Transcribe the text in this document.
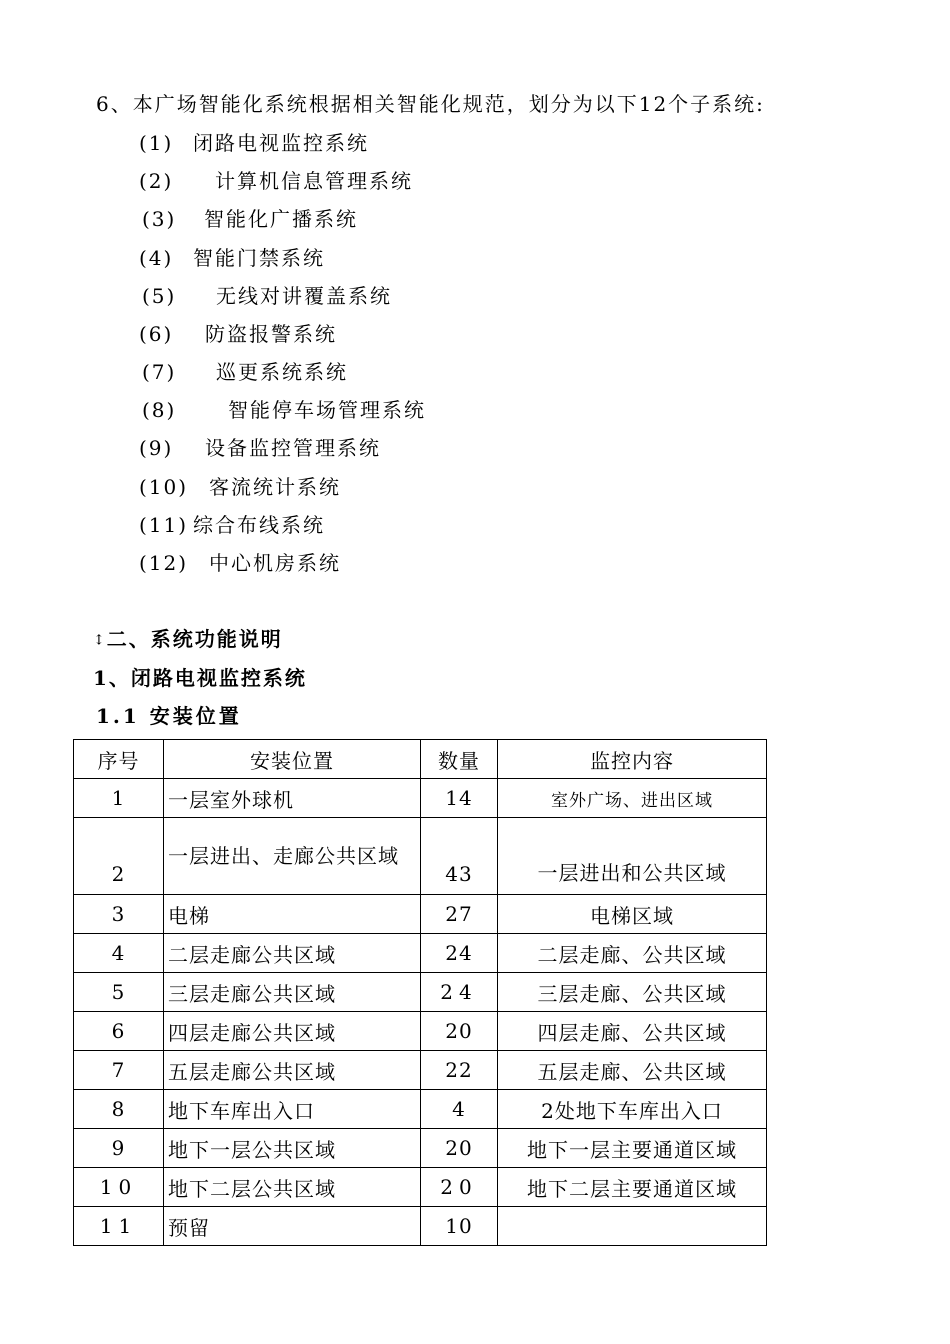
6、本广场智能化系统根据相关智能化规范，划分为以下12个子系统:
(1) 闭路电视监控系统
(2) 计算机信息管理系统
(3) 智能化广播系统
(4) 智能门禁系统
(5) 无线对讲覆盖系统
(6) 防盗报警系统
(7) 巡更系统系统
(8)	智能停车场管理系统
(9) 设备监控管理系统
(10) 客流统计系统
(11) 综合布线系统
(12) 中心机房系统
↕二、系统功能说明
1、闭路电视监控系统
1.1 安装位置
序号	安装位置	数量	监控内容
1	一层室外球机	14	室外广场、进出区域
2	一层进出、走廊公共区域	43	一层进出和公共区域
3	电梯	27	电梯区域
4	二层走廊公共区域	24	二层走廊、公共区域
5	三层走廊公共区域	24	三层走廊、公共区域
6	四层走廊公共区域	20	四层走廊、公共区域
7	五层走廊公共区域	22	五层走廊、公共区域
8	地下车库出入口	4	2处地下车库出入口
9	地下一层公共区域	20	地下一层主要通道区域
10	地下二层公共区域	20	地下二层主要通道区域
11	预留	10	
